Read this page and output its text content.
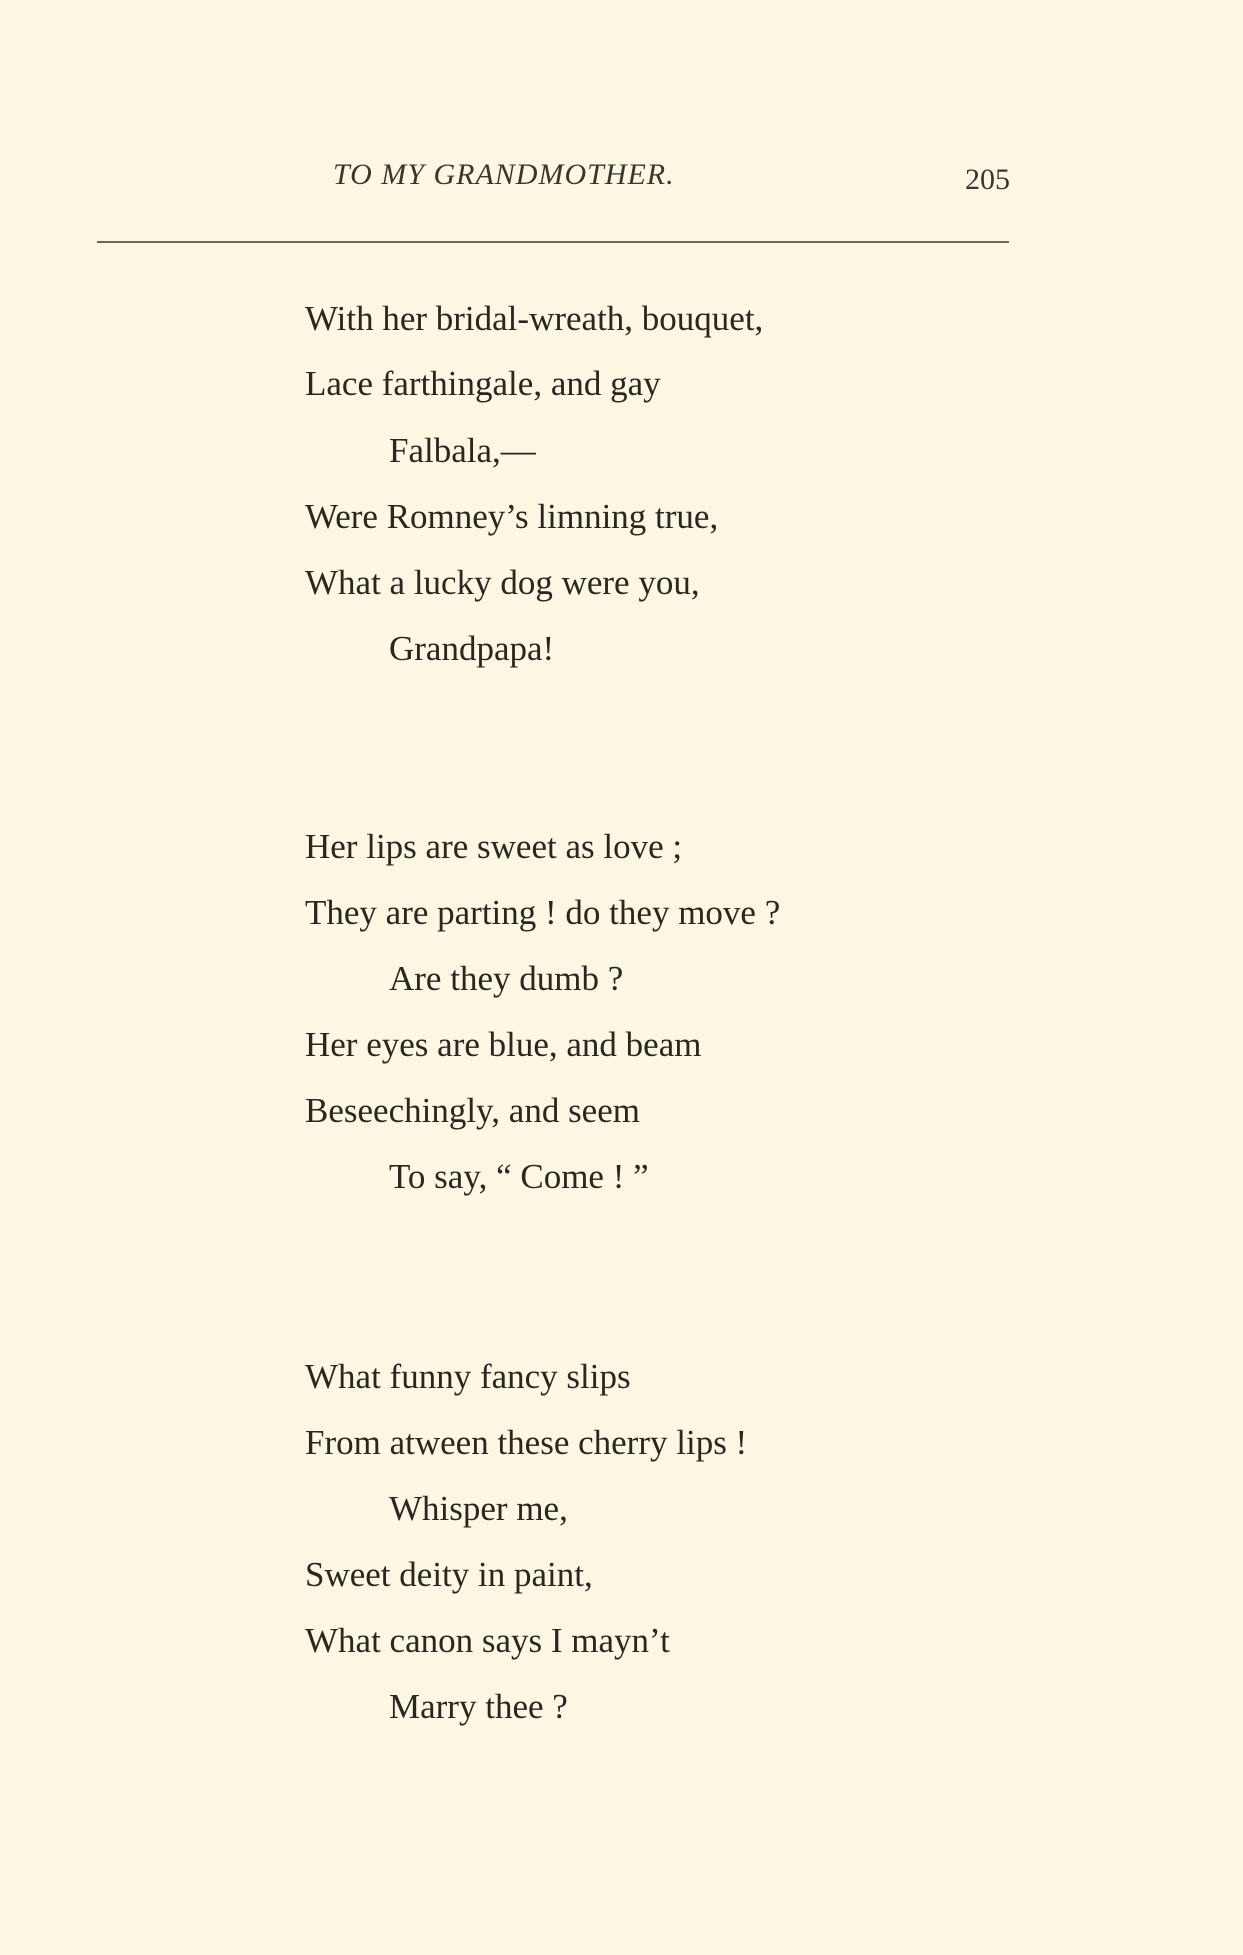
TO MY GRANDMOTHER.	205
With her bridal-wreath, bouquet,
Lace farthingale, and gay
Falbala,—
Were Romney’s limning true,
What a lucky dog were you,
Grandpapa!
Her lips are sweet as love ;
They are parting ! do they move ?
Are they dumb ?
Her eyes are blue, and beam
Beseechingly, and seem
To say, “ Come ! ”
What funny fancy slips
From atween these cherry lips !
Whisper me,
Sweet deity in paint,
What canon says I mayn’t
Marry thee ?
